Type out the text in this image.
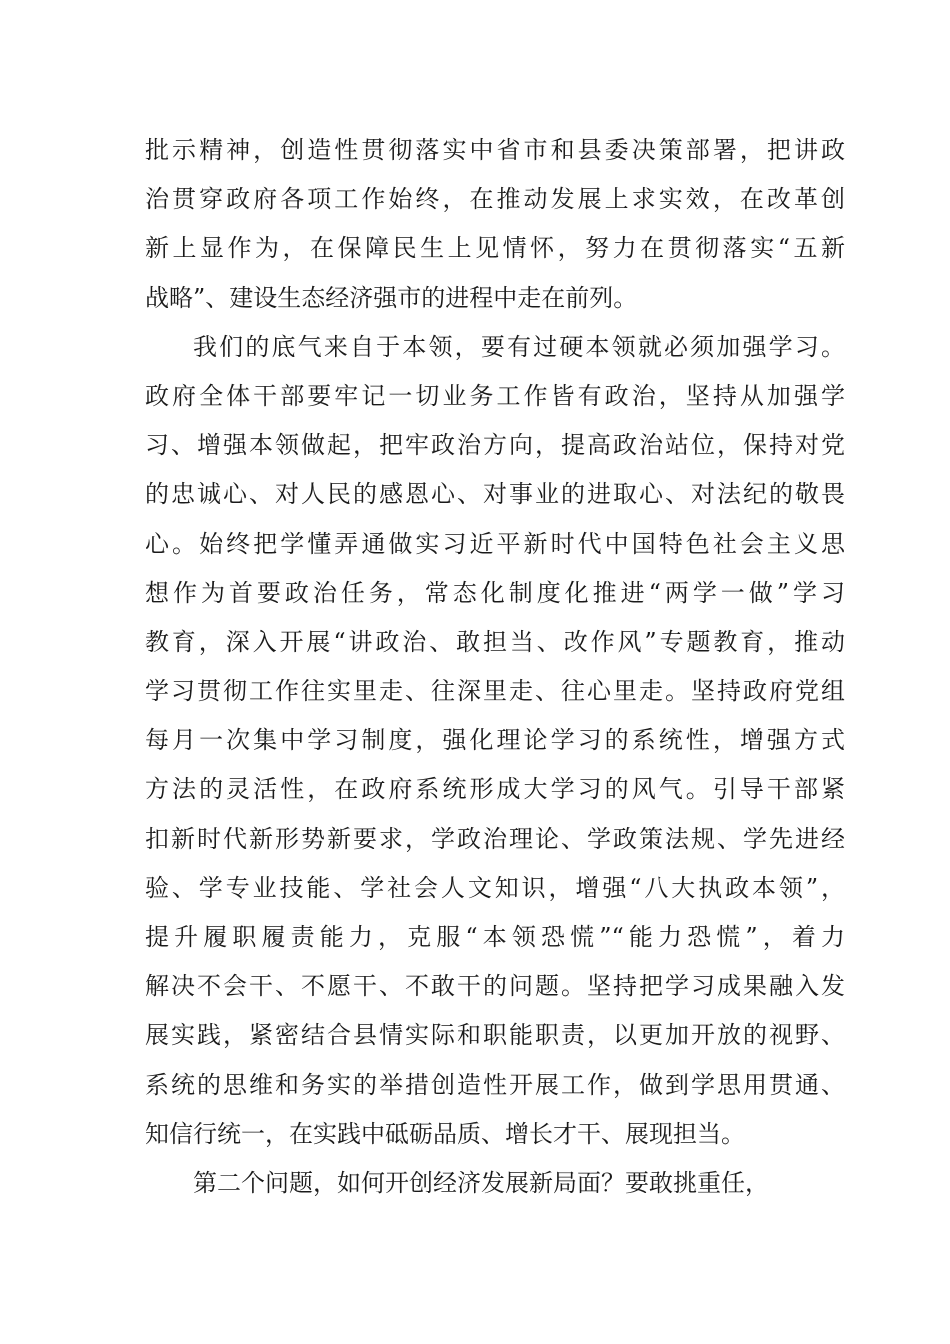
批示精神，创造性贯彻落实中省市和县委决策部署，把讲政
治贯穿政府各项工作始终，在推动发展上求实效，在改革创
新上显作为，在保障民生上见情怀，努力在贯彻落实“五新
战略”、建设生态经济强市的进程中走在前列。
我们的底气来自于本领，要有过硬本领就必须加强学习。
政府全体干部要牢记一切业务工作皆有政治，坚持从加强学
习、增强本领做起，把牢政治方向，提高政治站位，保持对党
的忠诚心、对人民的感恩心、对事业的进取心、对法纪的敬畏
心。始终把学懂弄通做实习近平新时代中国特色社会主义思
想作为首要政治任务，常态化制度化推进“两学一做”学习
教育，深入开展“讲政治、敢担当、改作风”专题教育，推动
学习贯彻工作往实里走、往深里走、往心里走。坚持政府党组
每月一次集中学习制度，强化理论学习的系统性，增强方式
方法的灵活性，在政府系统形成大学习的风气。引导干部紧
扣新时代新形势新要求，学政治理论、学政策法规、学先进经
验、学专业技能、学社会人文知识，增强“八大执政本领”，
提升履职履责能力，克服“本领恐慌”“能力恐慌”，着力
解决不会干、不愿干、不敢干的问题。坚持把学习成果融入发
展实践，紧密结合县情实际和职能职责，以更加开放的视野、
系统的思维和务实的举措创造性开展工作，做到学思用贯通、
知信行统一，在实践中砥砺品质、增长才干、展现担当。
第二个问题，如何开创经济发展新局面？要敢挑重任，
